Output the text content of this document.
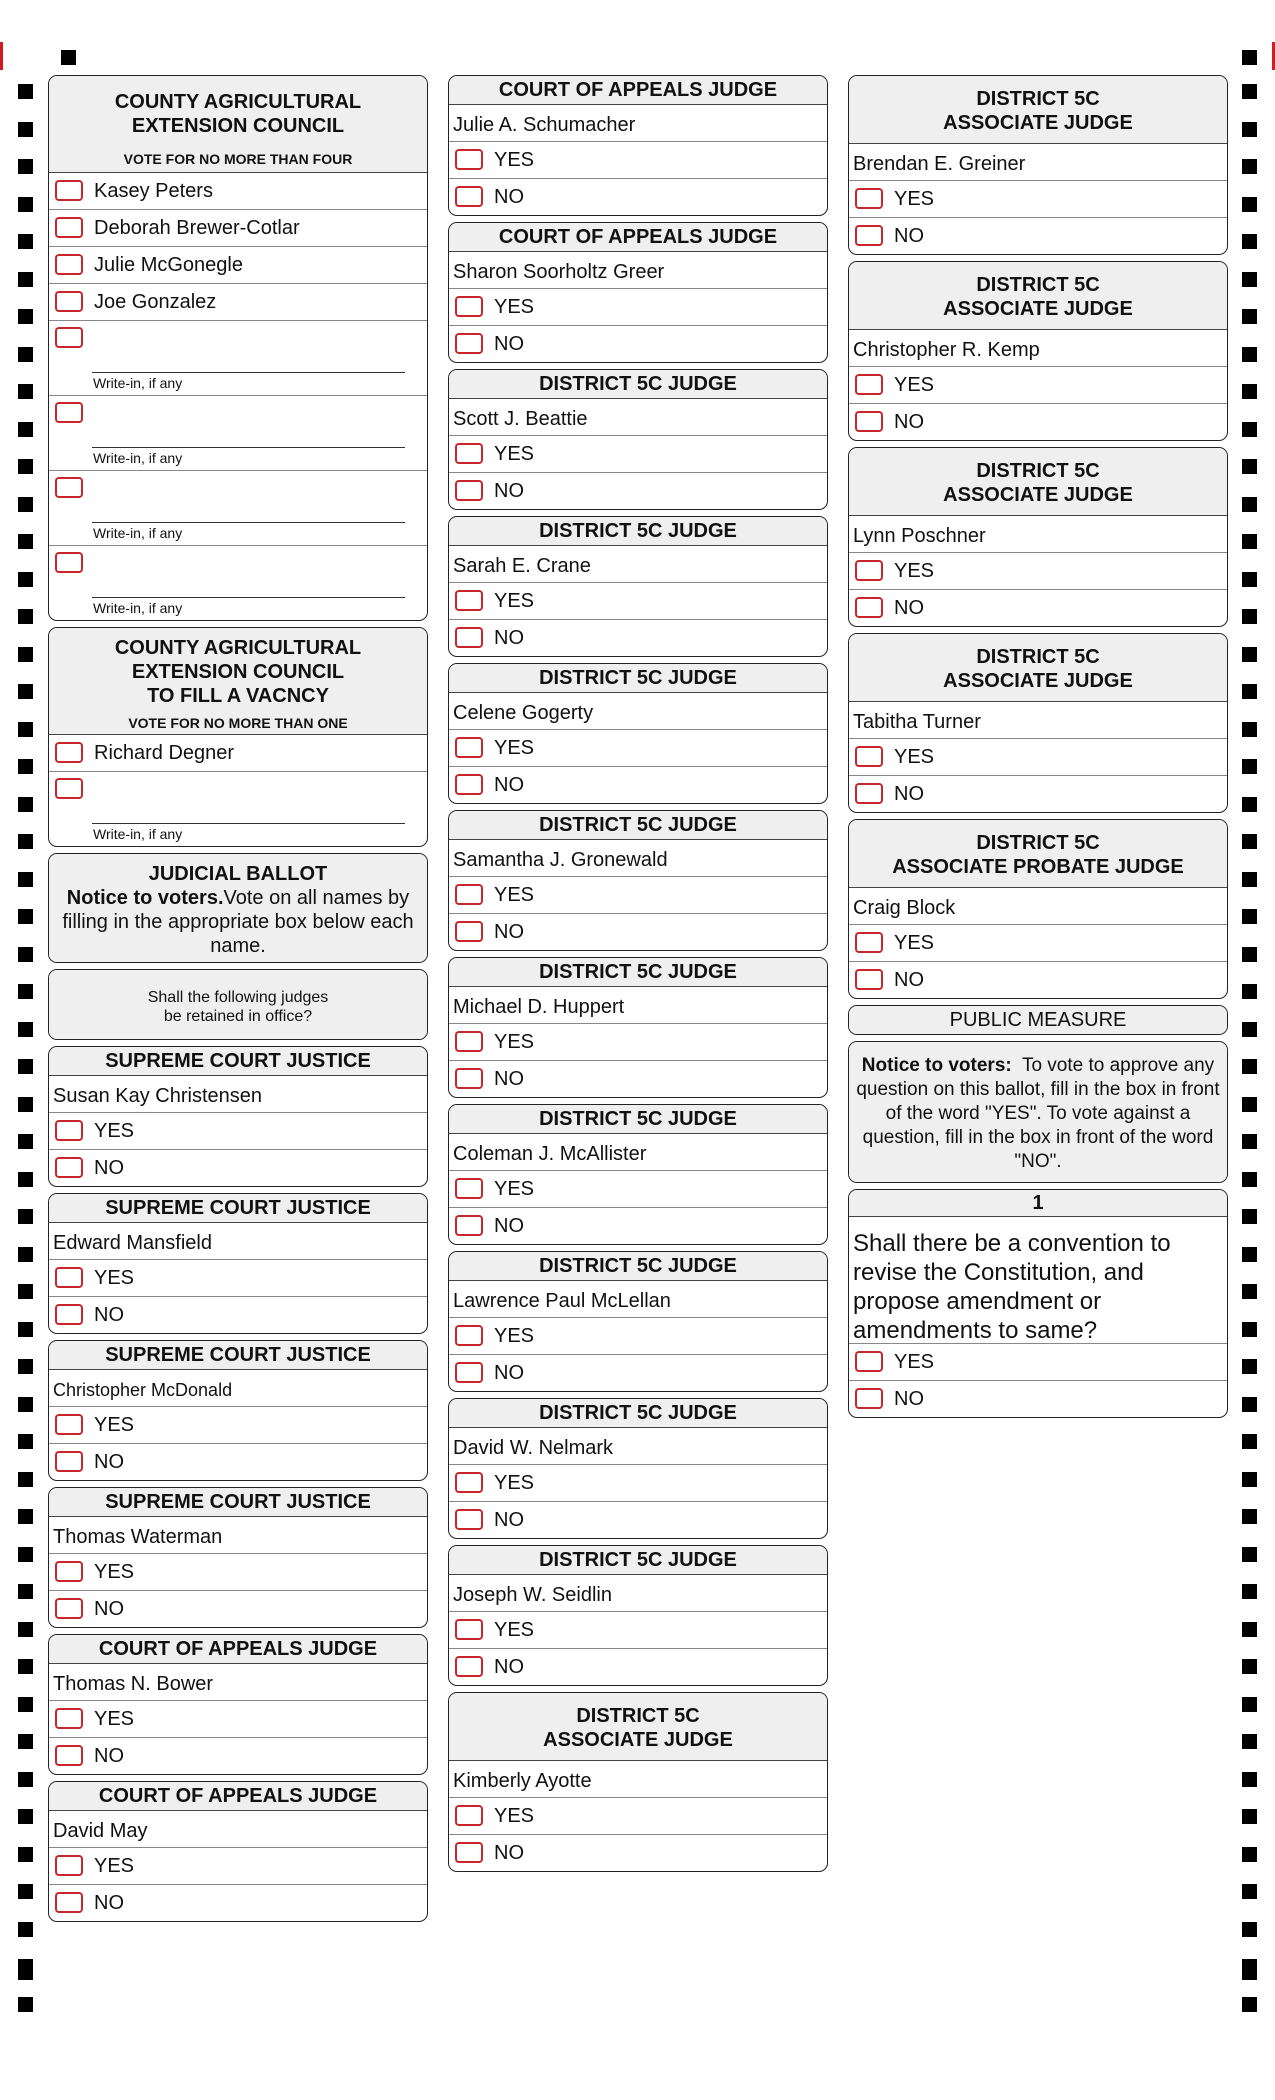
COUNTY AGRICULTURAL
EXTENSION COUNCIL
VOTE FOR NO MORE THAN FOUR
Kasey Peters
Deborah Brewer-Cotlar
Julie McGonegle
Joe Gonzalez
Write-in, if any
Write-in, if any
Write-in, if any
Write-in, if any
COUNTY AGRICULTURAL
EXTENSION COUNCIL
TO FILL A VACNCY
VOTE FOR NO MORE THAN ONE
Richard Degner
Write-in, if any
JUDICIAL BALLOT
Notice to voters.Vote on all names by filling in the appropriate box below each name.
Shall the following judges
be retained in office?
SUPREME COURT JUSTICE
Susan Kay Christensen
YES
NO
SUPREME COURT JUSTICE
Edward Mansfield
YES
NO
SUPREME COURT JUSTICE
Christopher McDonald
YES
NO
SUPREME COURT JUSTICE
Thomas Waterman
YES
NO
COURT OF APPEALS JUDGE
Thomas N. Bower
YES
NO
COURT OF APPEALS JUDGE
David May
YES
NO
COURT OF APPEALS JUDGE
Julie A. Schumacher
YES
NO
COURT OF APPEALS JUDGE
Sharon Soorholtz Greer
YES
NO
DISTRICT 5C JUDGE
Scott J. Beattie
YES
NO
DISTRICT 5C JUDGE
Sarah E. Crane
YES
NO
DISTRICT 5C JUDGE
Celene Gogerty
YES
NO
DISTRICT 5C JUDGE
Samantha J. Gronewald
YES
NO
DISTRICT 5C JUDGE
Michael D. Huppert
YES
NO
DISTRICT 5C JUDGE
Coleman J. McAllister
YES
NO
DISTRICT 5C JUDGE
Lawrence Paul McLellan
YES
NO
DISTRICT 5C JUDGE
David W. Nelmark
YES
NO
DISTRICT 5C JUDGE
Joseph W. Seidlin
YES
NO
DISTRICT 5C
ASSOCIATE JUDGE
Kimberly Ayotte
YES
NO
DISTRICT 5C
ASSOCIATE JUDGE
Brendan E. Greiner
YES
NO
DISTRICT 5C
ASSOCIATE JUDGE
Christopher R. Kemp
YES
NO
DISTRICT 5C
ASSOCIATE JUDGE
Lynn Poschner
YES
NO
DISTRICT 5C
ASSOCIATE JUDGE
Tabitha Turner
YES
NO
DISTRICT 5C
ASSOCIATE PROBATE JUDGE
Craig Block
YES
NO
PUBLIC MEASURE
Notice to voters: To vote to approve any question on this ballot, fill in the box in front of the word "YES". To vote against a question, fill in the box in front of the word "NO".
1
Shall there be a convention to revise the Constitution, and propose amendment or amendments to same?
YES
NO
